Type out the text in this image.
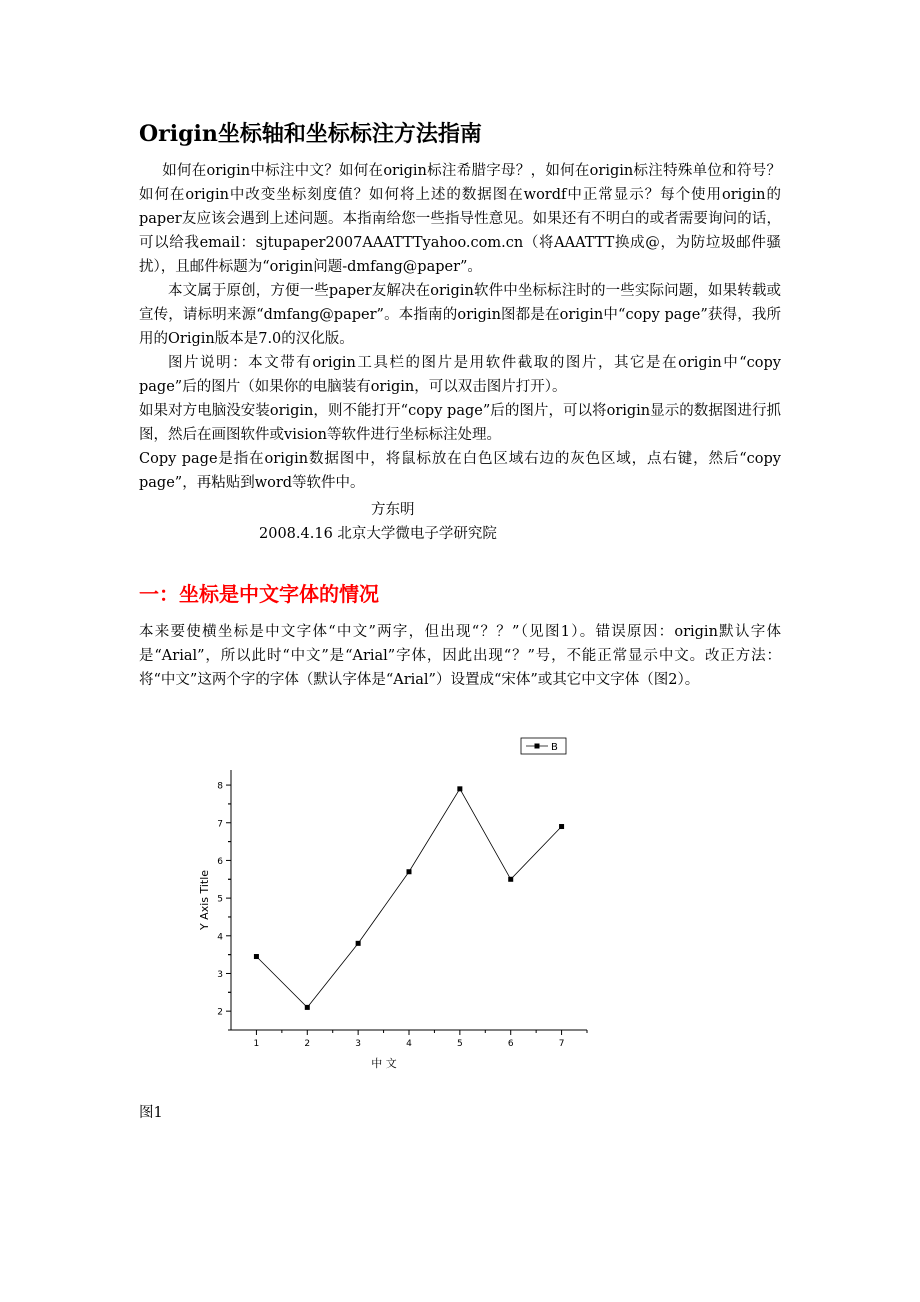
Origin坐标轴和坐标标注方法指南

如何在origin中标注中文？如何在origin标注希腊字母？，如何在origin标注特殊单位和符号？如何在origin中改变坐标刻度值？如何将上述的数据图在wordf中正常显示？每个使用origin的paper友应该会遇到上述问题。本指南给您一些指导性意见。如果还有不明白的或者需要询问的话，可以给我email：sjtupaper2007AAATTTyahoo.com.cn（将AAATTT换成@，为防垃圾邮件骚扰），且邮件标题为“origin问题-dmfang@paper”。

本文属于原创，方便一些paper友解决在origin软件中坐标标注时的一些实际问题，如果转载或宣传，请标明来源“dmfang@paper”。本指南的origin图都是在origin中“copy page”获得，我所用的Origin版本是7.0的汉化版。

图片说明：本文带有origin工具栏的图片是用软件截取的图片，其它是在origin中“copy page”后的图片（如果你的电脑装有origin，可以双击图片打开）。

如果对方电脑没安装origin，则不能打开“copy page”后的图片，可以将origin显示的数据图进行抓图，然后在画图软件或vision等软件进行坐标标注处理。

Copy page是指在origin数据图中，将鼠标放在白色区域右边的灰色区域，点右键，然后“copy page”，再粘贴到word等软件中。

方东明
2008.4.16 北京大学微电子学研究院
一：坐标是中文字体的情况

本来要使横坐标是中文字体“中文”两字，但出现“？？”（见图1）。错误原因：origin默认字体是“Arial”，所以此时“中文”是“Arial”字体，因此出现“？”号，不能正常显示中文。改正方法：将“中文”这两个字的字体（默认字体是“Arial”）设置成“宋体”或其它中文字体（图2）。

2
3
4
5
6
7
8
1	2	3	4	5	6	7
中 文
Y Axis Title
B
图1
